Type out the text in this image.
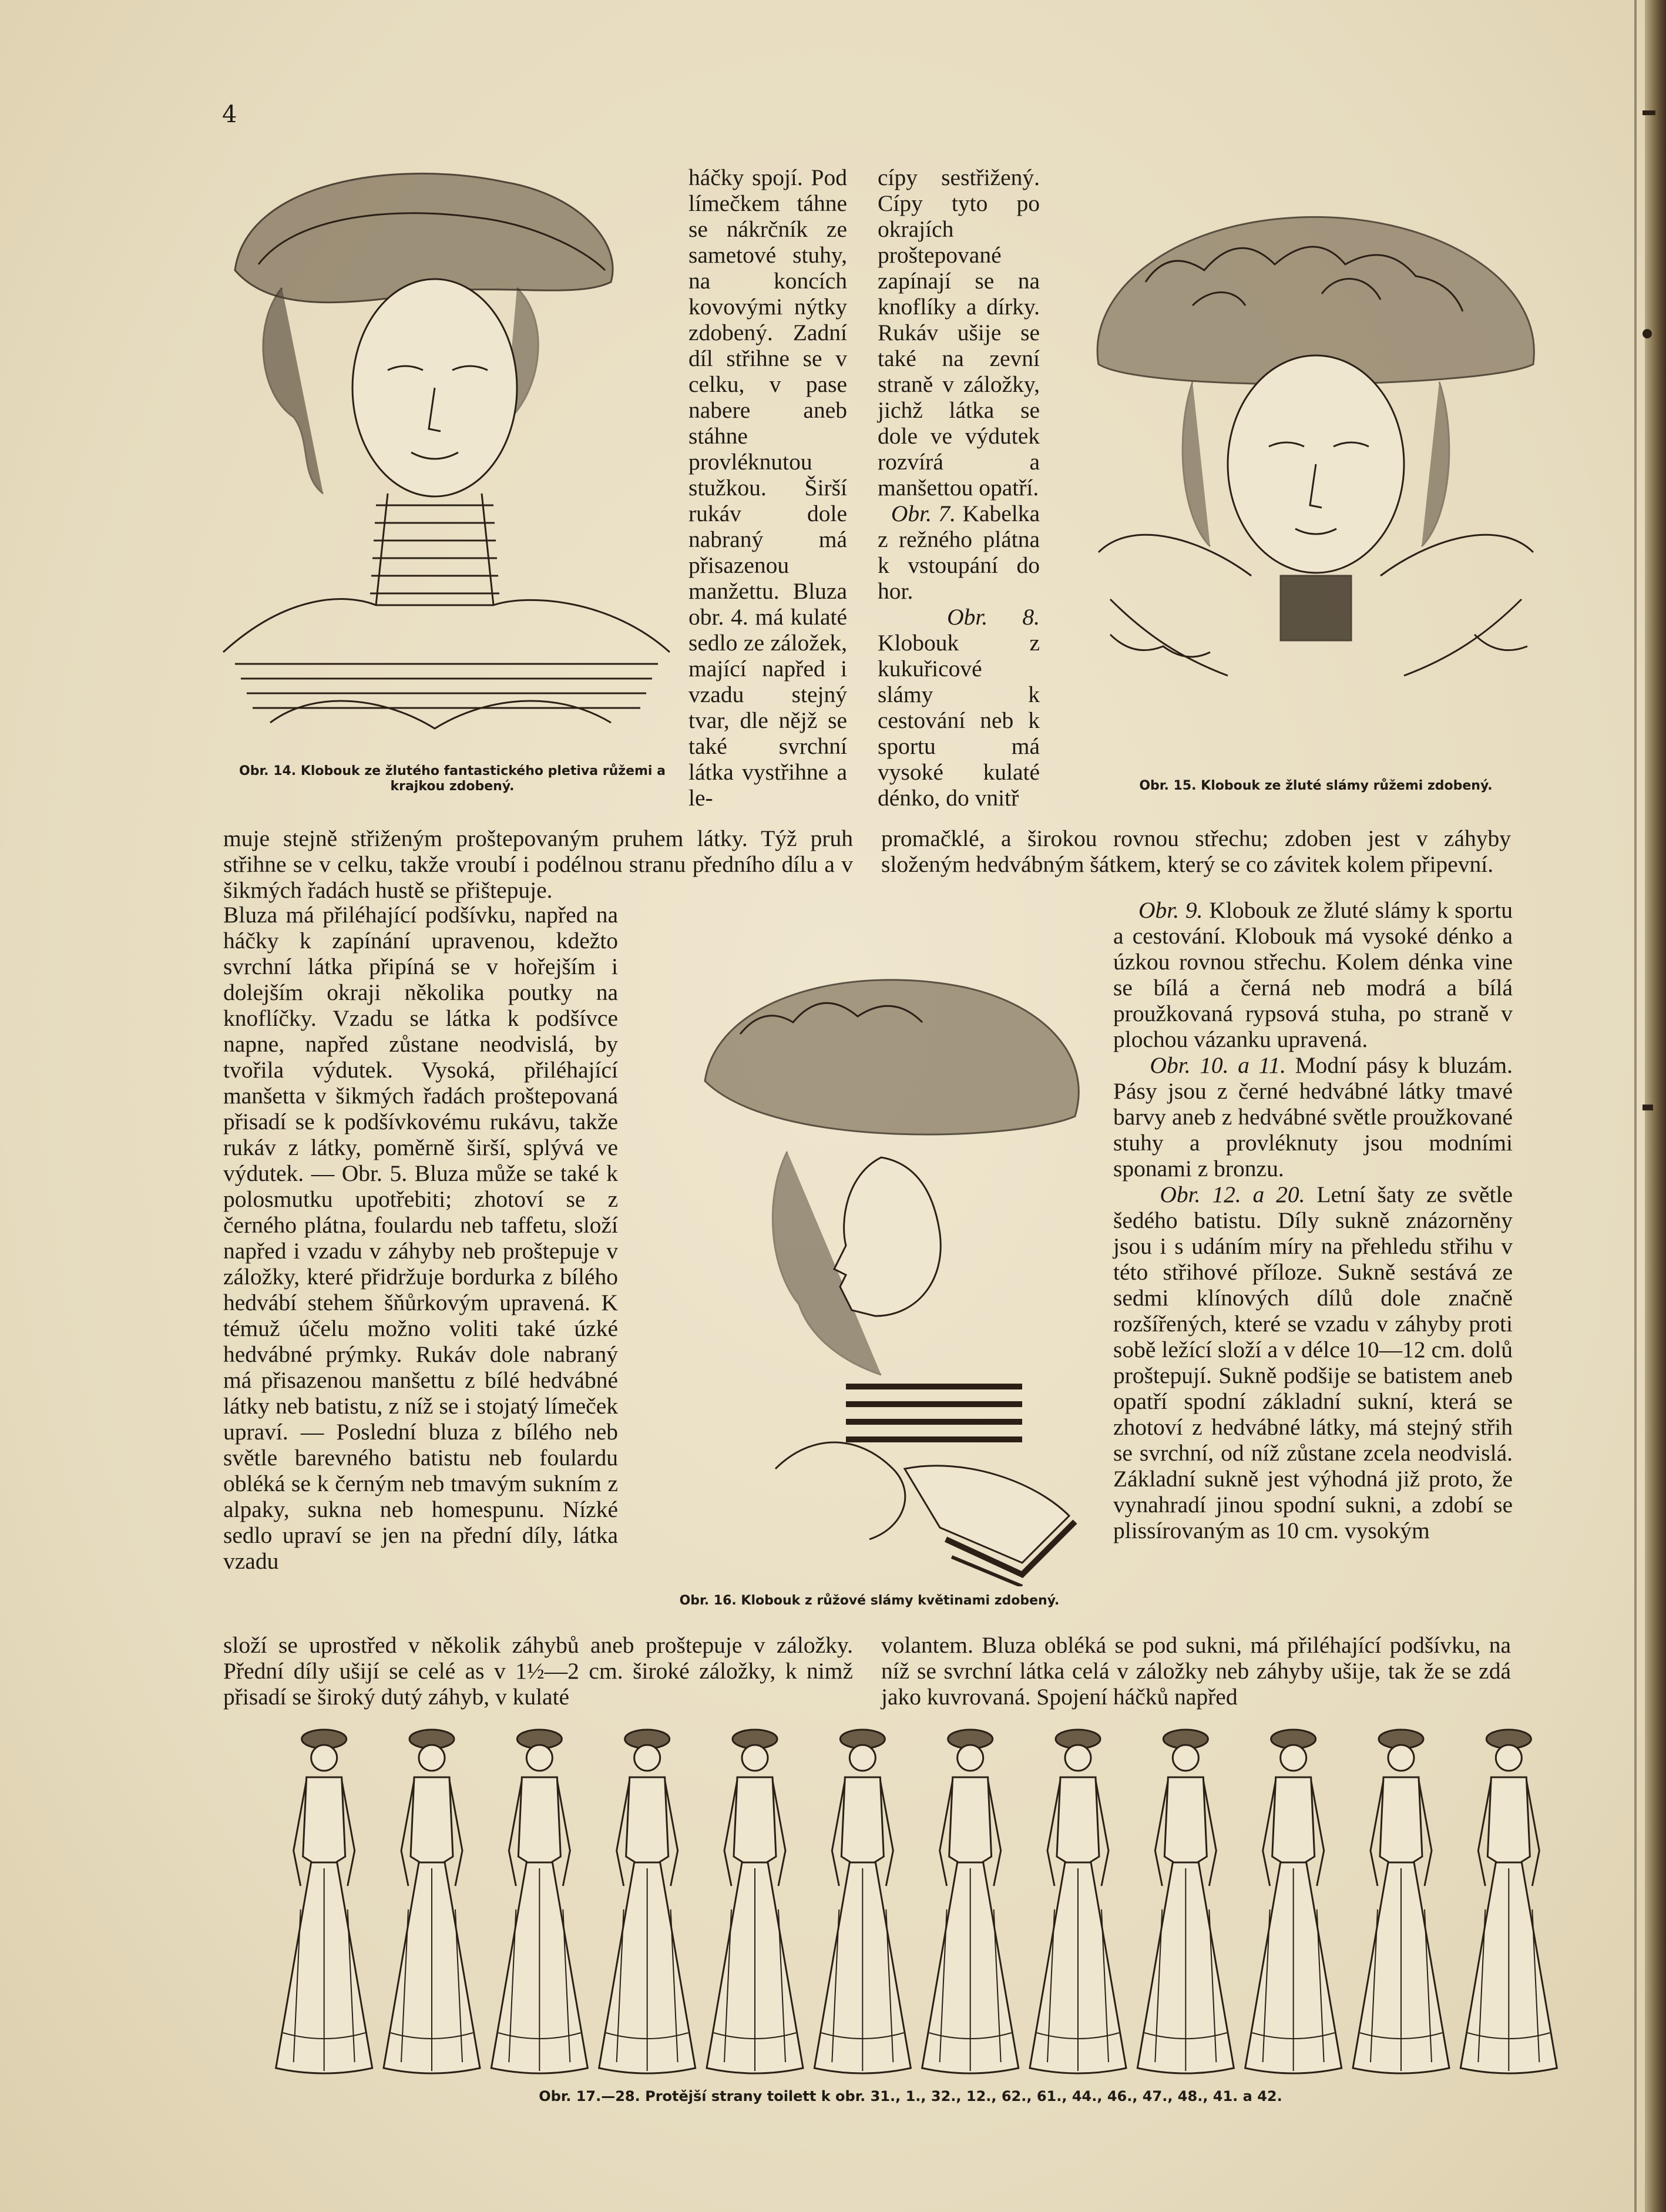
4
Obr. 14. Klobouk ze žlutého fantastického pletiva růžemi a krajkou zdobený.	Obr. 15. Klobouk ze žluté slámy růžemi zdobený.
Obr. 16. Klobouk z růžové slámy květinami zdobený.
háčky spojí. Pod límečkem táhne se nákrčník ze sametové stuhy, na koncích kovovými nýtky zdobený. Zadní díl střihne se v celku, v pase nabere aneb stáhne provléknutou stužkou. Širší rukáv dole nabraný má přisazenou manžettu. Bluza obr. 4. má kulaté sedlo ze záložek, mající napřed i vzadu stejný tvar, dle nějž se také svrchní látka vystřihne a le-
cípy sestřižený. Cípy tyto po okrajích proštepované zapínají se na knoflíky a dírky. Rukáv ušije se také na zevní straně v záložky, jichž látka se dole ve výdutek rozvírá a manšettou opatří.
Obr. 7. Kabelka z režného plátna k vstoupání do hor.
Obr. 8. Klobouk z kukuřicové slámy k cestování neb k sportu má vysoké kulaté dénko, do vnitř
muje stejně střiženým proštepovaným pruhem látky. Týž pruh střihne se v celku, takže vroubí i podélnou stranu předního dílu a v šikmých řadách hustě se přištepuje.
promačklé, a širokou rovnou střechu; zdoben jest v záhyby složeným hedvábným šátkem, který se co závitek kolem připevní.
Bluza má přiléhající podšívku, napřed na háčky k zapínání upravenou, kdežto svrchní látka připíná se v hořejším i dolejším okraji několika poutky na knoflíčky. Vzadu se látka k podšívce napne, napřed zůstane neodvislá, by tvořila výdutek. Vysoká, přiléhající manšetta v šikmých řadách proštepovaná přisadí se k podšívkovému rukávu, takže rukáv z látky, poměrně širší, splývá ve výdutek. — Obr. 5. Bluza může se také k polosmutku upotřebiti; zhotoví se z černého plátna, foulardu neb taffetu, složí napřed i vzadu v záhyby neb proštepuje v záložky, které přidržuje bordurka z bílého hedvábí stehem šňůrkovým upravená. K témuž účelu možno voliti také úzké hedvábné prýmky. Rukáv dole nabraný má přisazenou manšettu z bílé hedvábné látky neb batistu, z níž se i stojatý límeček upraví. — Poslední bluza z bílého neb světle barevného batistu neb foulardu obléká se k černým neb tmavým sukním z alpaky, sukna neb homespunu. Nízké sedlo upraví se jen na přední díly, látka vzadu
složí se uprostřed v několik záhybů aneb proštepuje v záložky. Přední díly ušijí se celé as v 1½—2 cm. široké záložky, k nimž přisadí se široký dutý záhyb, v kulaté
Obr. 9. Klobouk ze žluté slámy k sportu a cestování. Klobouk má vysoké dénko a úzkou rovnou střechu. Kolem dénka vine se bílá a černá neb modrá a bílá proužkovaná rypsová stuha, po straně v plochou vázanku upravená.
Obr. 10. a 11. Modní pásy k bluzám. Pásy jsou z černé hedvábné látky tmavé barvy aneb z hedvábné světle proužkované stuhy a provléknuty jsou modními sponami z bronzu.
Obr. 12. a 20. Letní šaty ze světle šedého batistu. Díly sukně znázorněny jsou i s udáním míry na přehledu střihu v této střihové příloze. Sukně sestává ze sedmi klínových dílů dole značně rozšířených, které se vzadu v záhyby proti sobě ležící složí a v délce 10—12 cm. dolů proštepují. Sukně podšije se batistem aneb opatří spodní základní sukní, která se zhotoví z hedvábné látky, má stejný střih se svrchní, od níž zůstane zcela neodvislá. Základní sukně jest výhodná již proto, že vynahradí jinou spodní sukni, a zdobí se plissírovaným as 10 cm. vysokým
volantem. Bluza obléká se pod sukni, má přiléhající podšívku, na níž se svrchní látka celá v záložky neb záhyby ušije, tak že se zdá jako kuvrovaná. Spojení háčků napřed
Obr. 17.—28. Protější strany toilett k obr. 31., 1., 32., 12., 62., 61., 44., 46., 47., 48., 41. a 42.
